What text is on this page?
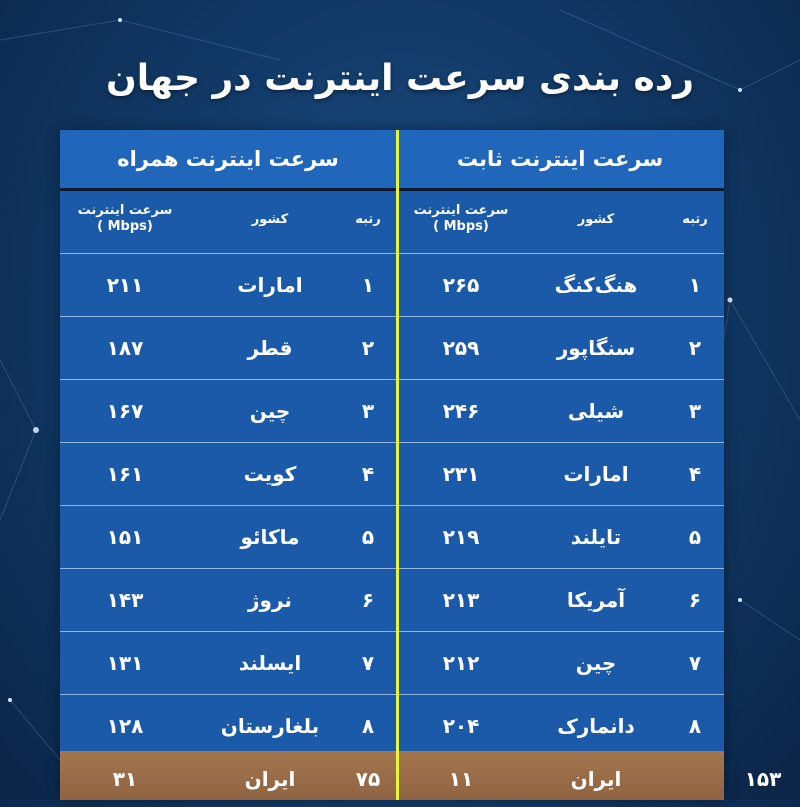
رده بندی سرعت اینترنت در جهان
سرعت اینترنت ثابت
رتبه
کشور
سرعت اینترنت
( Mbps)
۱
هنگ‌کنگ
۲۶۵
۲
سنگاپور
۲۵۹
۳
شیلی
۲۴۶
۴
امارات
۲۳۱
۵
تایلند
۲۱۹
۶
آمریکا
۲۱۳
۷
چین
۲۱۲
۸
دانمارک
۲۰۴
سرعت اینترنت همراه
رتبه
کشور
سرعت اینترنت
( Mbps)
۱
امارات
۲۱۱
۲
قطر
۱۸۷
۳
چین
۱۶۷
۴
کویت
۱۶۱
۵
ماکائو
۱۵۱
۶
نروژ
۱۴۳
۷
ایسلند
۱۳۱
۸
بلغارستان
۱۲۸
ایران
۱۱
۷۵
ایران
۳۱	۱۵۳
